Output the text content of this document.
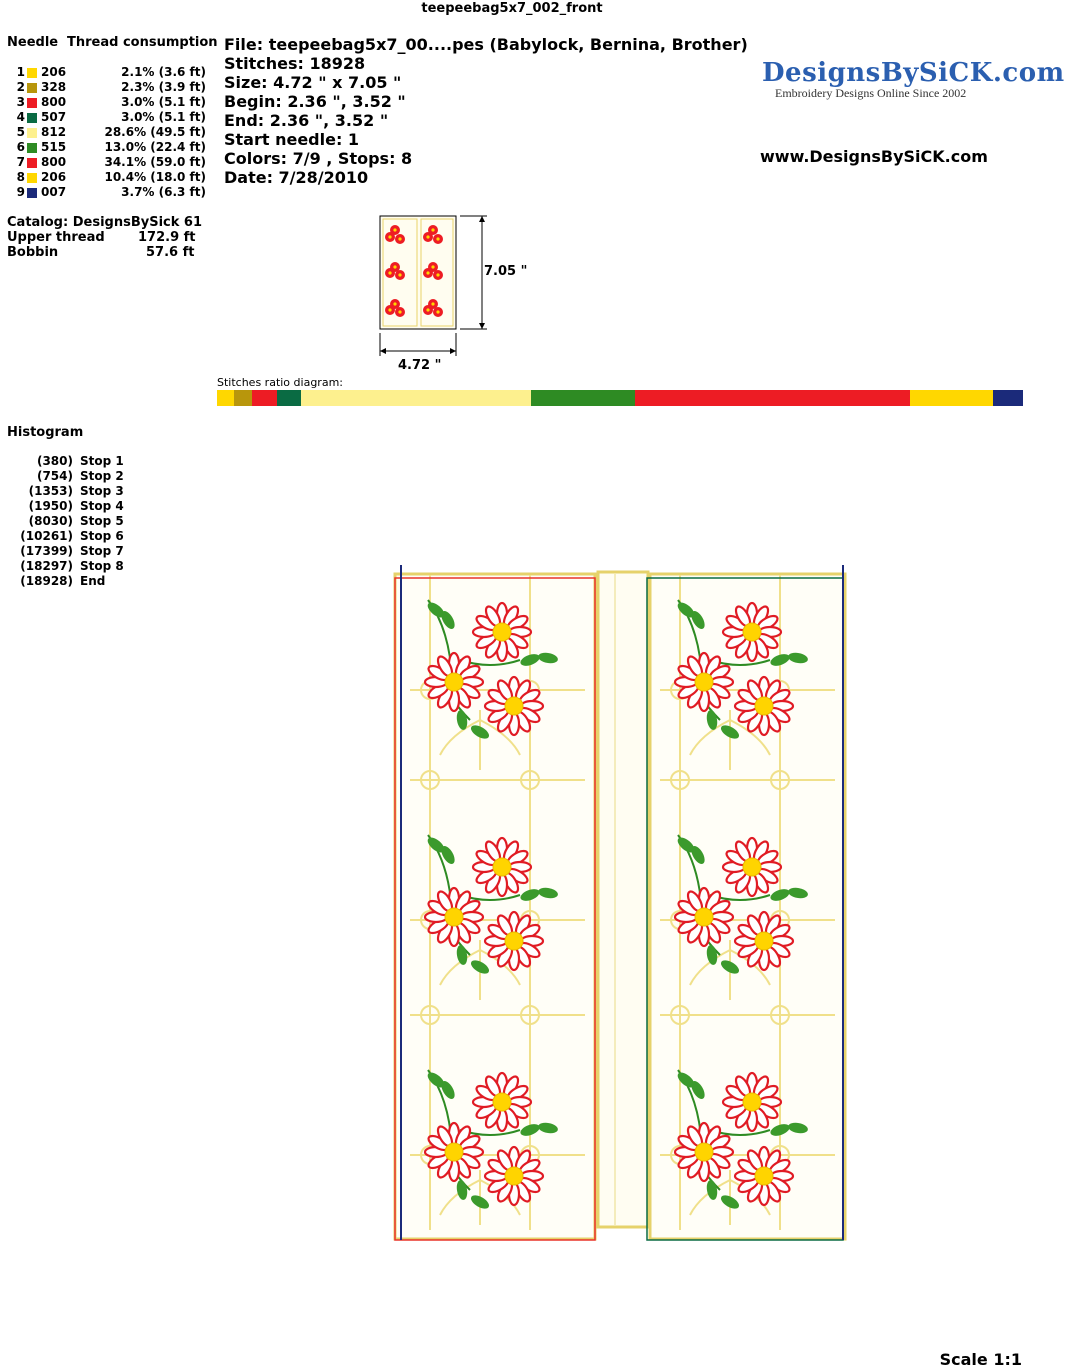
teepeebag5x7_002_front
Needle Thread consumption
1 206	2.1% (3.6 ft)
2 328	2.3% (3.9 ft)
3 800	3.0% (5.1 ft)
4 507	3.0% (5.1 ft)
5 812	28.6% (49.5 ft)
6 515	13.0% (22.4 ft)
7 800	34.1% (59.0 ft)
8 206	10.4% (18.0 ft)
9 007	3.7% (6.3 ft)
Catalog: DesignsBySick 61
Upper thread	172.9 ft
Bobbin	57.6 ft
File: teepeebag5x7_00....pes (Babylock, Bernina, Brother)
Stitches: 18928
Size: 4.72 " x 7.05 "
Begin: 2.36 ", 3.52 "
End: 2.36 ", 3.52 "
Start needle: 1
Colors: 7/9 , Stops: 8
Date: 7/28/2010
DesignsBySiCK.com
Embroidery Designs Online Since 2002
www.DesignsBySiCK.com
7.05 "
4.72 "
Stitches ratio diagram:
Histogram
(380) Stop 1
(754) Stop 2
(1353) Stop 3
(1950) Stop 4
(8030) Stop 5
(10261) Stop 6
(17399) Stop 7
(18297) Stop 8
(18928) End
Scale 1:1
